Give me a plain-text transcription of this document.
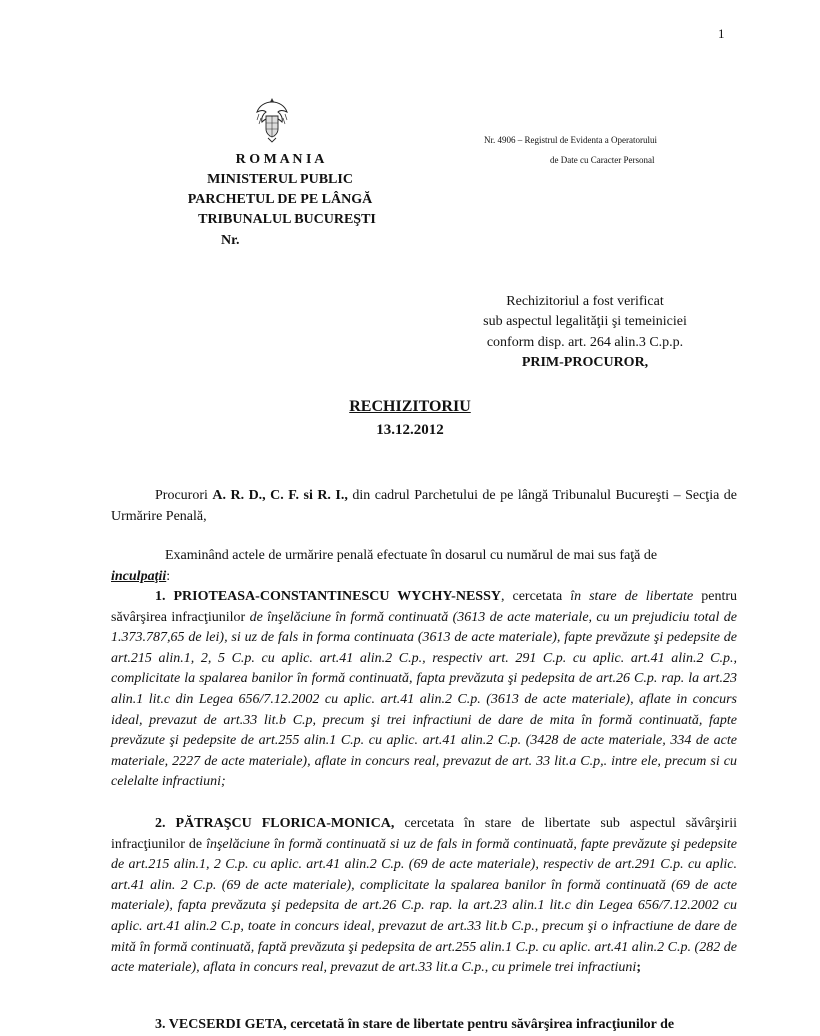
1
Nr. 4906 – Registrul de Evidenta a Operatorului
de Date cu Caracter Personal
R O M A N I A
MINISTERUL PUBLIC
PARCHETUL DE PE LÂNGĂ
TRIBUNALUL BUCUREŞTI
Nr.
Rechizitoriul a fost verificat
sub aspectul legalităţii şi temeiniciei
conform disp. art. 264 alin.3 C.p.p.
PRIM-PROCUROR,
RECHIZITORIU
13.12.2012
Procurori A. R. D., C. F. si R. I., din cadrul Parchetului de pe lângă Tribunalul Bucureşti – Secţia de Urmărire Penală,
Examinând actele de urmărire penală efectuate în dosarul cu numărul de mai sus faţă de
inculpaţii:
1. PRIOTEASA-CONSTANTINESCU WYCHY-NESSY, cercetata în stare de libertate pentru săvârşirea infracţiunilor de înşelăciune în formă continuată (3613 de acte materiale, cu un prejudiciu total de 1.373.787,65 de lei), si uz de fals in forma continuata (3613 de acte materiale), fapte prevăzute şi pedepsite de art.215 alin.1, 2, 5 C.p. cu aplic. art.41 alin.2 C.p., respectiv art. 291 C.p. cu aplic. art.41 alin.2 C.p., complicitate la spalarea banilor în formă continuată, fapta prevăzuta şi pedepsita de art.26 C.p. rap. la art.23 alin.1 lit.c din Legea 656/7.12.2002 cu aplic. art.41 alin.2 C.p. (3613 de acte materiale), aflate in concurs ideal, prevazut de art.33 lit.b C.p, precum şi trei infractiuni de dare de mita în formă continuată, fapte prevăzute şi pedepsite de art.255 alin.1 C.p. cu aplic. art.41 alin.2 C.p. (3428 de acte materiale, 334 de acte materiale, 2227 de acte materiale), aflate in concurs real, prevazut de art. 33 lit.a C.p,. intre ele, precum si cu celelalte infractiuni;
2. PĂTRAŞCU FLORICA-MONICA, cercetata în stare de libertate sub aspectul săvârşirii infracţiunilor de înşelăciune în formă continuată si uz de fals in formă continuată, fapte prevăzute şi pedepsite de art.215 alin.1, 2 C.p. cu aplic. art.41 alin.2 C.p. (69 de acte materiale), respectiv de art.291 C.p. cu aplic. art.41 alin. 2 C.p. (69 de acte materiale), complicitate la spalarea banilor în formă continuată (69 de acte materiale), fapta prevăzuta şi pedepsita de art.26 C.p. rap. la art.23 alin.1 lit.c din Legea 656/7.12.2002 cu aplic. art.41 alin.2 C.p, toate in concurs ideal, prevazut de art.33 lit.b C.p., precum şi o infractiune de dare de mită în formă continuată, faptă prevăzuta şi pedepsita de art.255 alin.1 C.p. cu aplic. art.41 alin.2 C.p. (282 de acte materiale), aflata in concurs real, prevazut de art.33 lit.a C.p., cu primele trei infractiuni;
3. VECSERDI GETA, cercetată în stare de libertate pentru săvârşirea infracţiunilor de
